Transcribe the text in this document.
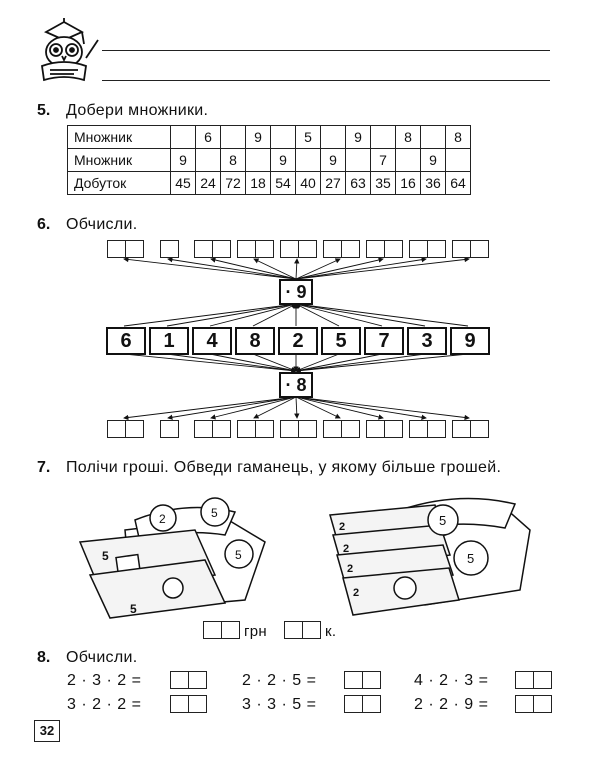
5. Добери множники.
Множник		6		9		5		9		8		8
Множник	9		8		9		9		7		9	
Добуток	45	24	72	18	54	40	27	63	35	16	36	64
6. Обчисли.
· 9
6	1	4	8	2	5	7	3	9
· 8
7. Полічи гроші. Обведи гаманець, у якому більше грошей.
5
5
2	5
5
2
2
2
2
5
5
грн	к.
8. Обчисли.
2 · 3 · 2 =	2 · 2 · 5 =	4 · 2 · 3 =
3 · 2 · 2 =	3 · 3 · 5 =	2 · 2 · 9 =
32
